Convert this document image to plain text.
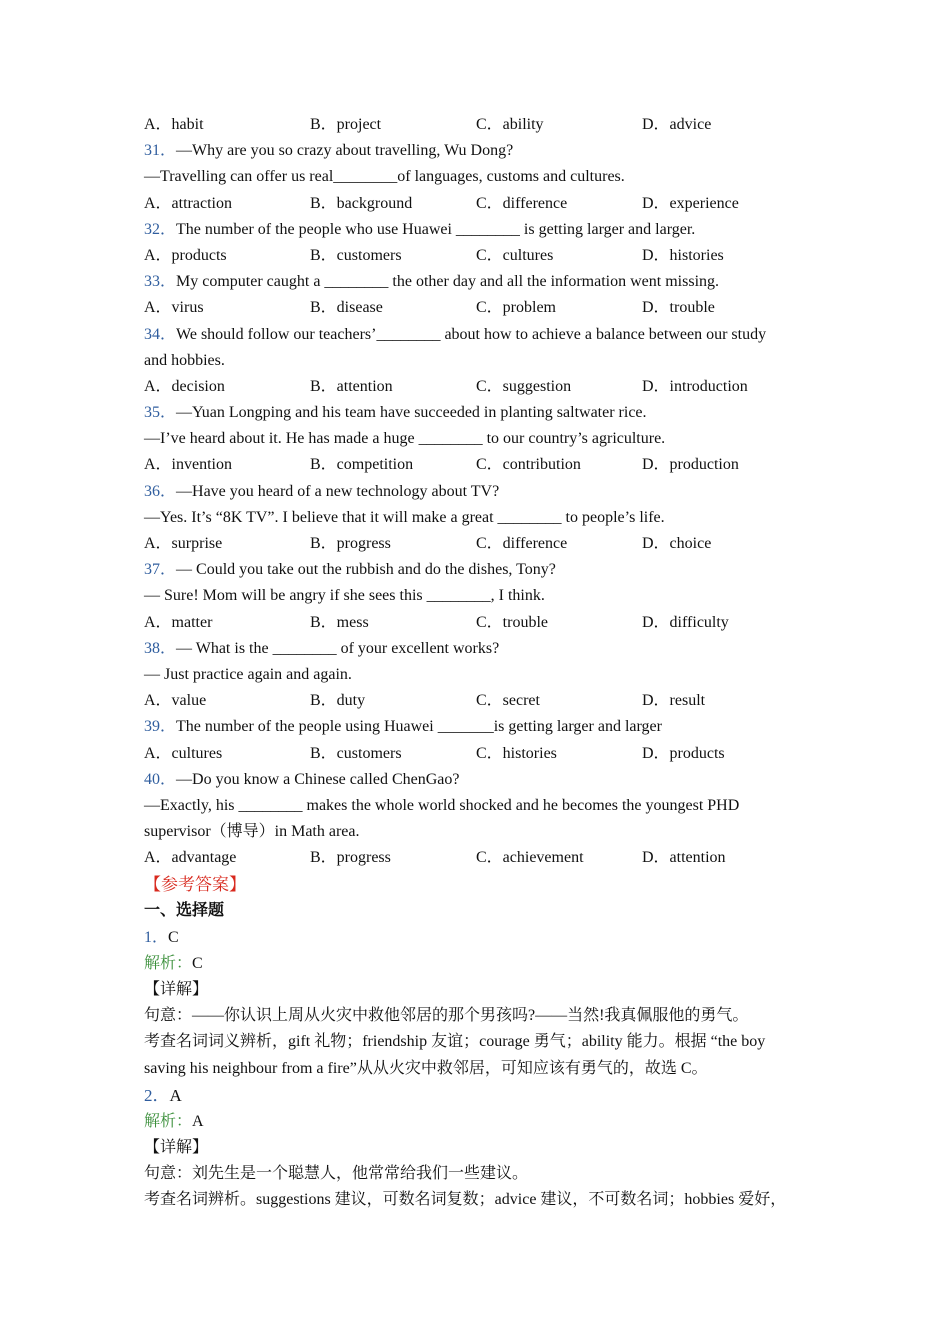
A．habit	B．project	C．ability	D．advice
31．—Why are you so crazy about travelling, Wu Dong?
—Travelling can offer us real________of languages, customs and cultures.
A．attraction	B．background	C．difference	D．experience
32．The number of the people who use Huawei ________ is getting larger and larger.
A．products	B．customers	C．cultures	D．histories
33．My computer caught a ________ the other day and all the information went missing.
A．virus	B．disease	C．problem	D．trouble
34．We should follow our teachers’________ about how to achieve a balance between our study
and hobbies.
A．decision	B．attention	C．suggestion	D．introduction
35．—Yuan Longping and his team have succeeded in planting saltwater rice.
—I’ve heard about it. He has made a huge ________ to our country’s agriculture.
A．invention	B．competition	C．contribution	D．production
36．—Have you heard of a new technology about TV?
—Yes. It’s “8K TV”. I believe that it will make a great ________ to people’s life.
A．surprise	B．progress	C．difference	D．choice
37．— Could you take out the rubbish and do the dishes, Tony?
— Sure! Mom will be angry if she sees this ________, I think.
A．matter	B．mess	C．trouble	D．difficulty
38．— What is the ________ of your excellent works?
— Just practice again and again.
A．value	B．duty	C．secret	D．result
39．The number of the people using Huawei _______is getting larger and larger
A．cultures	B．customers	C．histories	D．products
40．—Do you know a Chinese called ChenGao?
—Exactly, his ________ makes the whole world shocked and he becomes the youngest PHD
supervisor（博导）in Math area.
A．advantage	B．progress	C．achievement	D．attention
【参考答案】
一、选择题
1．C
解析：C
【详解】
句意：——你认识上周从火灾中救他邻居的那个男孩吗?——当然!我真佩服他的勇气。
考查名词词义辨析，gift 礼物；friendship 友谊；courage 勇气；ability 能力。根据 “the boy
saving his neighbour from a fire”从从火灾中救邻居，可知应该有勇气的，故选 C。
2．A
解析：A
【详解】
句意：刘先生是一个聪慧人，他常常给我们一些建议。
考查名词辨析。suggestions 建议，可数名词复数；advice 建议，不可数名词；hobbies 爱好，
